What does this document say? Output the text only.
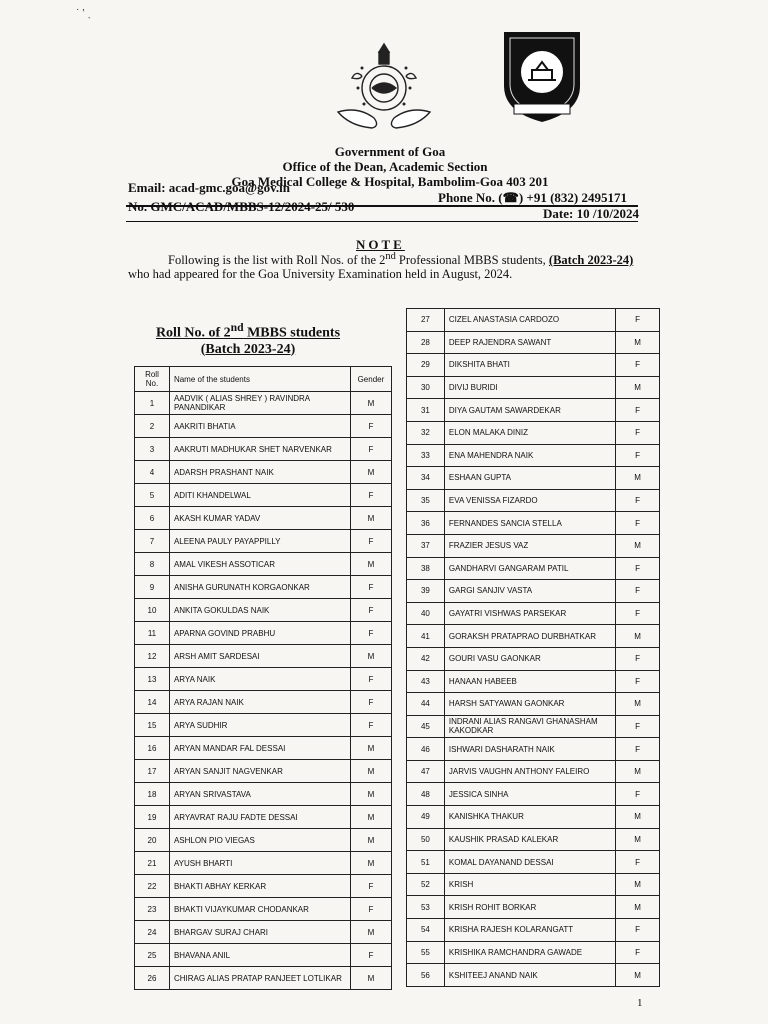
˙ ‛ ˏ
Government of Goa
Office of the Dean, Academic Section
Goa Medical College & Hospital, Bambolim-Goa 403 201
Email: acad-gmc.goa@gov.in
Phone No. (☎) +91 (832) 2495171
No. GMC/ACAD/MBBS-12/2024-25/ 530	Date: 10 /10/2024
NOTE
Following is the list with Roll Nos. of the 2nd Professional MBBS students, (Batch 2023-24) who had appeared for the Goa University Examination held in August, 2024.
Roll No. of 2nd MBBS students
(Batch 2023-24)
Roll No.	Name of the students	Gender
1	AADVIK ( ALIAS SHREY ) RAVINDRA PANANDIKAR	M
2	AAKRITI BHATIA	F
3	AAKRUTI MADHUKAR SHET NARVENKAR	F
4	ADARSH PRASHANT NAIK	M
5	ADITI KHANDELWAL	F
6	AKASH KUMAR YADAV	M
7	ALEENA PAULY PAYAPPILLY	F
8	AMAL VIKESH ASSOTICAR	M
9	ANISHA GURUNATH KORGAONKAR	F
10	ANKITA GOKULDAS NAIK	F
11	APARNA GOVIND PRABHU	F
12	ARSH AMIT SARDESAI	M
13	ARYA NAIK	F
14	ARYA RAJAN NAIK	F
15	ARYA SUDHIR	F
16	ARYAN MANDAR FAL DESSAI	M
17	ARYAN SANJIT NAGVENKAR	M
18	ARYAN SRIVASTAVA	M
19	ARYAVRAT RAJU FADTE DESSAI	M
20	ASHLON PIO VIEGAS	M
21	AYUSH BHARTI	M
22	BHAKTI ABHAY KERKAR	F
23	BHAKTI VIJAYKUMAR CHODANKAR	F
24	BHARGAV SURAJ CHARI	M
25	BHAVANA ANIL	F
26	CHIRAG ALIAS PRATAP RANJEET LOTLIKAR	M
27	CIZEL ANASTASIA CARDOZO	F
28	DEEP RAJENDRA SAWANT	M
29	DIKSHITA BHATI	F
30	DIVIJ BURIDI	M
31	DIYA GAUTAM SAWARDEKAR	F
32	ELON MALAKA DINIZ	F
33	ENA MAHENDRA NAIK	F
34	ESHAAN GUPTA	M
35	EVA VENISSA FIZARDO	F
36	FERNANDES SANCIA STELLA	F
37	FRAZIER JESUS VAZ	M
38	GANDHARVI GANGARAM PATIL	F
39	GARGI SANJIV VASTA	F
40	GAYATRI VISHWAS PARSEKAR	F
41	GORAKSH PRATAPRAO DURBHATKAR	M
42	GOURI VASU GAONKAR	F
43	HANAAN HABEEB	F
44	HARSH SATYAWAN GAONKAR	M
45	INDRANI ALIAS RANGAVI GHANASHAM KAKODKAR	F
46	ISHWARI DASHARATH NAIK	F
47	JARVIS VAUGHN ANTHONY FALEIRO	M
48	JESSICA SINHA	F
49	KANISHKA THAKUR	M
50	KAUSHIK PRASAD KALEKAR	M
51	KOMAL DAYANAND DESSAI	F
52	KRISH	M
53	KRISH ROHIT BORKAR	M
54	KRISHA RAJESH KOLARANGATT	F
55	KRISHIKA RAMCHANDRA GAWADE	F
56	KSHITEEJ ANAND NAIK	M
1
